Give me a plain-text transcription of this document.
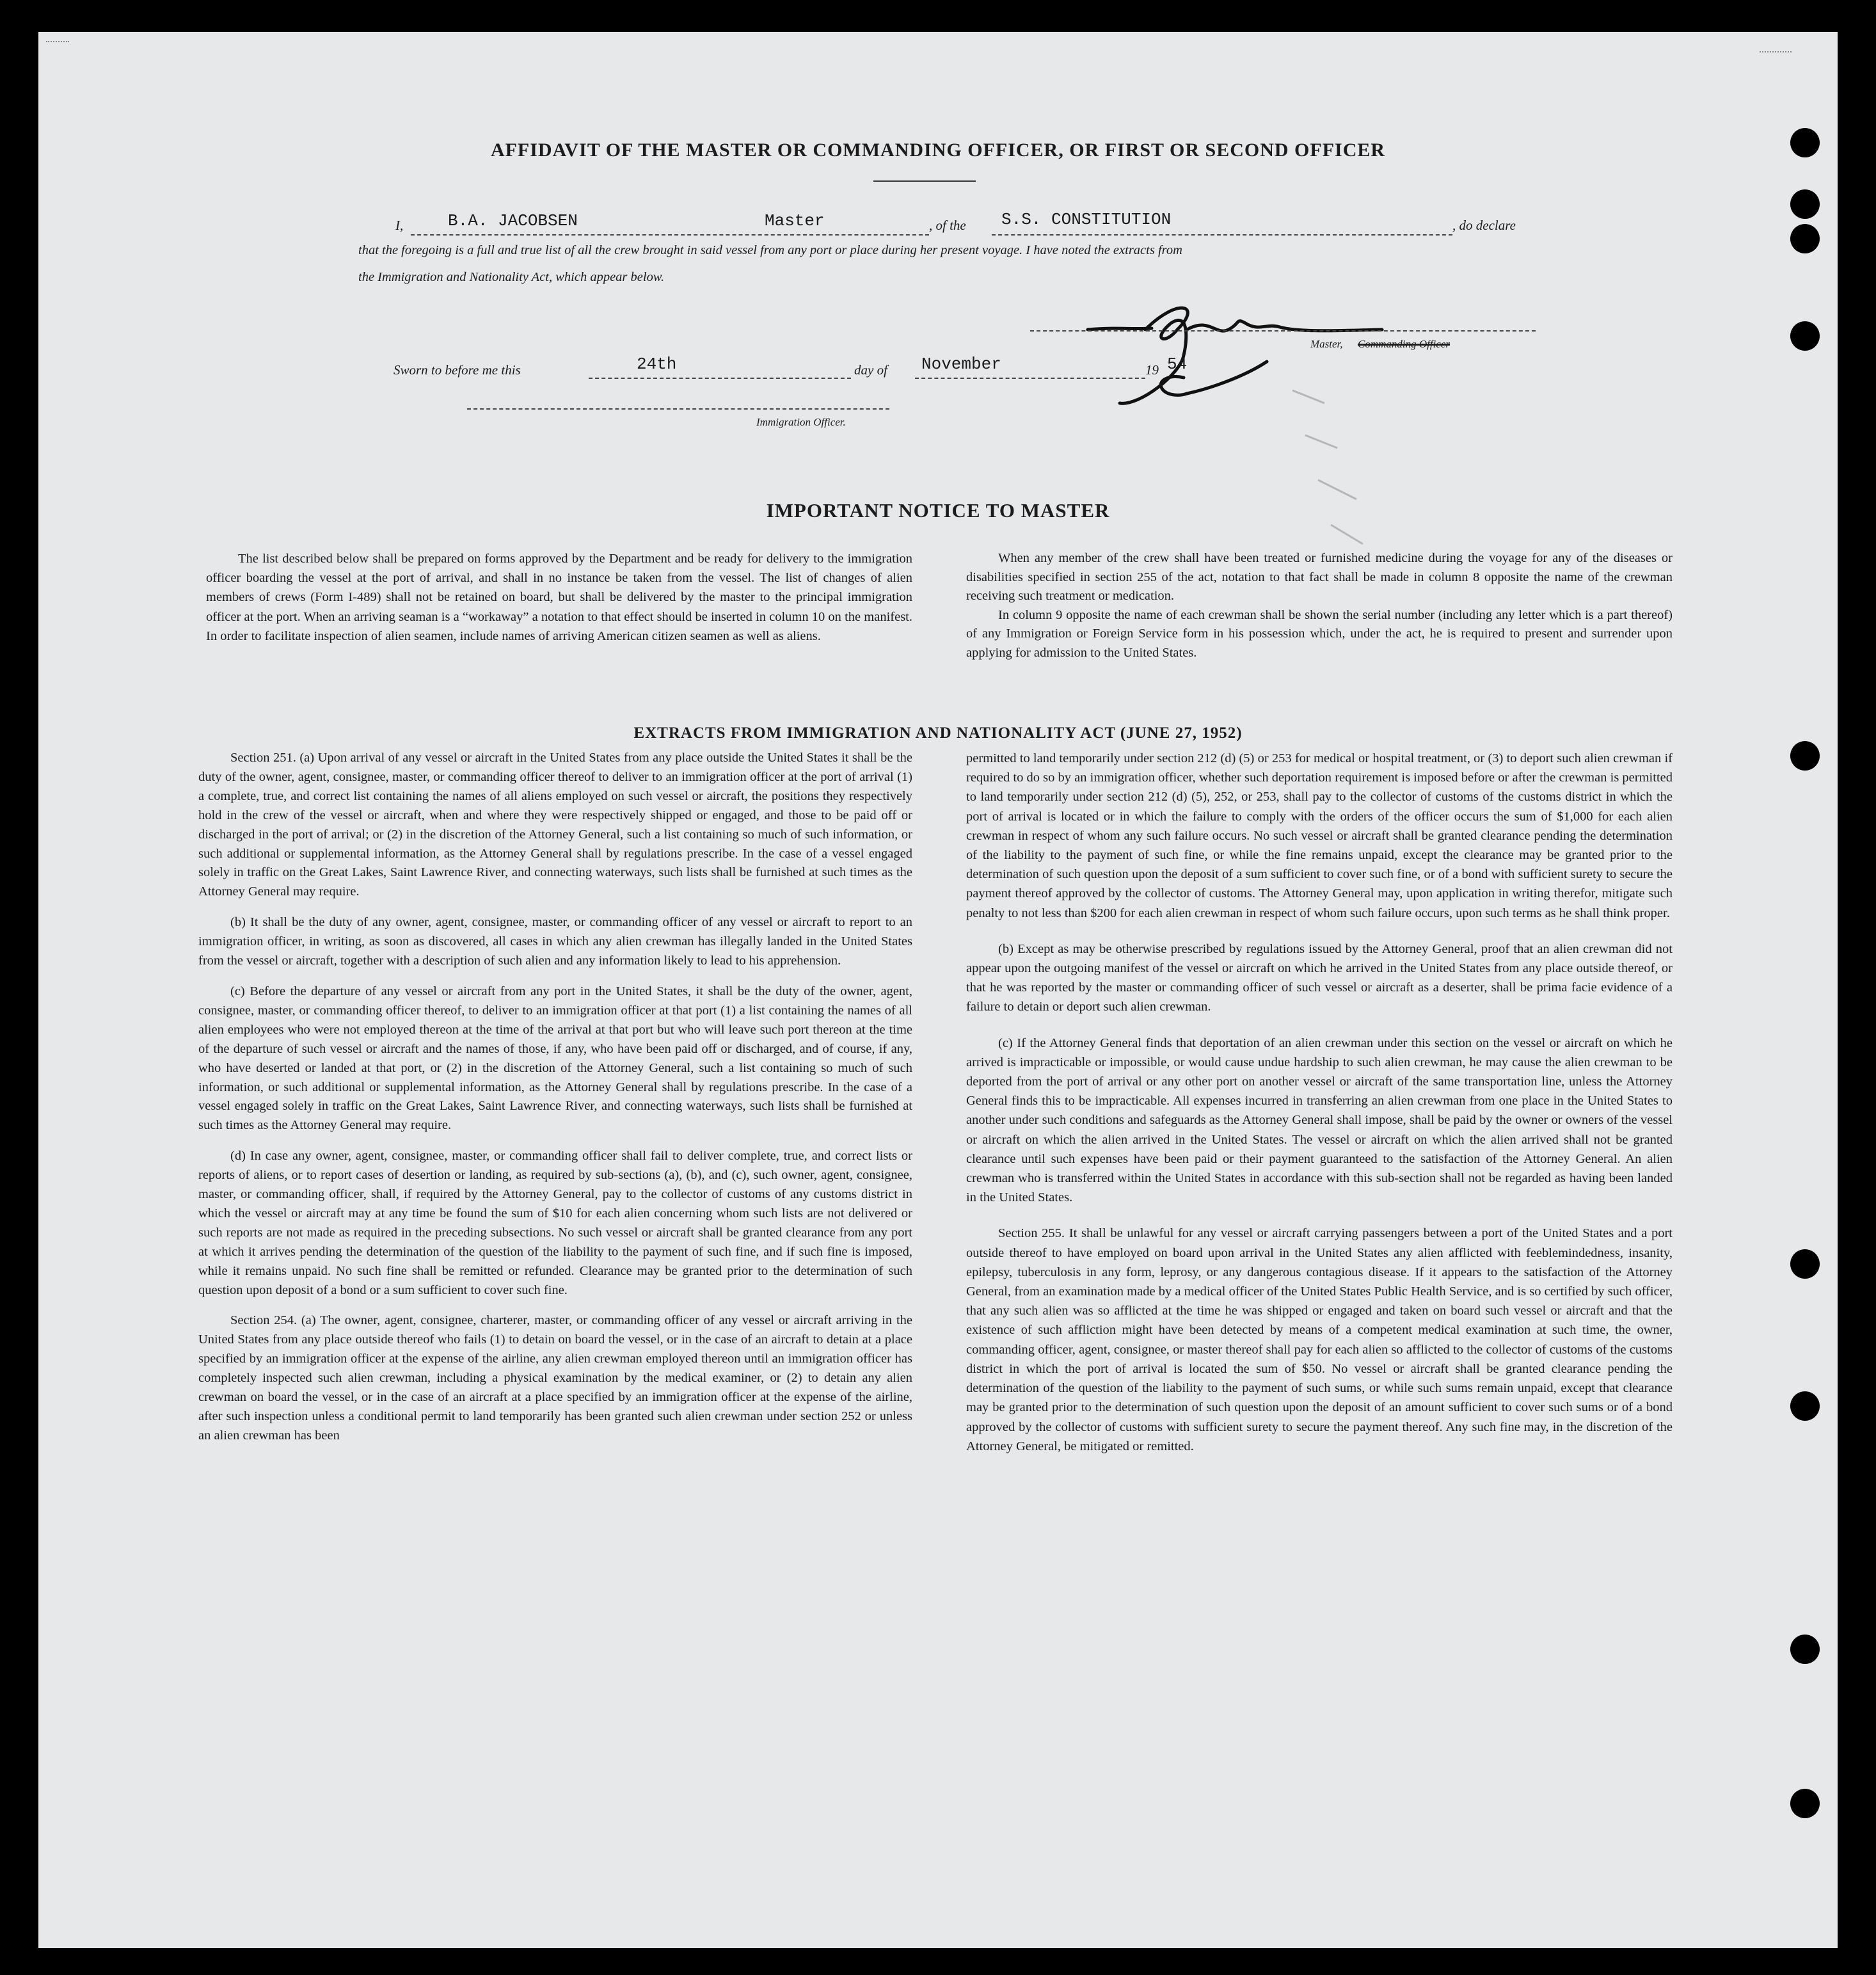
AFFIDAVIT OF THE MASTER OR COMMANDING OFFICER, OR FIRST OR SECOND OFFICER
I,	B.A. JACOBSEN	Master	, of the S.S. CONSTITUTION	, do declare
that the foregoing is a full and true list of all the crew brought in said vessel from any port or place during her present voyage. I have noted the extracts from
the Immigration and Nationality Act, which appear below.
Master, Commanding Officer
Sworn to before me this	24th	day of November	19 54
Immigration Officer.
IMPORTANT NOTICE TO MASTER

The list described below shall be prepared on forms approved by the Department and be ready for delivery to the immigration officer boarding the vessel at the port of arrival, and shall in no instance be taken from the vessel. The list of changes of alien members of crews (Form I-489) shall not be retained on board, but shall be delivered by the master to the principal immigration officer at the port. When an arriving seaman is a “workaway” a notation to that effect should be inserted in column 10 on the manifest. In order to facilitate inspection of alien seamen, include names of arriving American citizen seamen as well as aliens.

When any member of the crew shall have been treated or furnished medicine during the voyage for any of the diseases or disabilities specified in section 255 of the act, notation to that fact shall be made in column 8 opposite the name of the crewman receiving such treatment or medication.

In column 9 opposite the name of each crewman shall be shown the serial number (including any letter which is a part thereof) of any Immigration or Foreign Service form in his possession which, under the act, he is required to present and surrender upon applying for admission to the United States.

EXTRACTS FROM IMMIGRATION AND NATIONALITY ACT (JUNE 27, 1952)

Section 251. (a) Upon arrival of any vessel or aircraft in the United States from any place outside the United States it shall be the duty of the owner, agent, consignee, master, or commanding officer thereof to deliver to an immigration officer at the port of arrival (1) a complete, true, and correct list containing the names of all aliens employed on such vessel or aircraft, the positions they respectively hold in the crew of the vessel or aircraft, when and where they were respectively shipped or engaged, and those to be paid off or discharged in the port of arrival; or (2) in the discretion of the Attorney General, such a list containing so much of such information, or such additional or supplemental information, as the Attorney General shall by regulations prescribe. In the case of a vessel engaged solely in traffic on the Great Lakes, Saint Lawrence River, and connecting waterways, such lists shall be furnished at such times as the Attorney General may require.

(b) It shall be the duty of any owner, agent, consignee, master, or commanding officer of any vessel or aircraft to report to an immigration officer, in writing, as soon as discovered, all cases in which any alien crewman has illegally landed in the United States from the vessel or aircraft, together with a description of such alien and any information likely to lead to his apprehension.

(c) Before the departure of any vessel or aircraft from any port in the United States, it shall be the duty of the owner, agent, consignee, master, or commanding officer thereof, to deliver to an immigration officer at that port (1) a list containing the names of all alien employees who were not employed thereon at the time of the arrival at that port but who will leave such port thereon at the time of the departure of such vessel or aircraft and the names of those, if any, who have been paid off or discharged, and of course, if any, who have deserted or landed at that port, or (2) in the discretion of the Attorney General, such a list containing so much of such information, or such additional or supplemental information, as the Attorney General shall by regulations prescribe. In the case of a vessel engaged solely in traffic on the Great Lakes, Saint Lawrence River, and connecting waterways, such lists shall be furnished at such times as the Attorney General may require.

(d) In case any owner, agent, consignee, master, or commanding officer shall fail to deliver complete, true, and correct lists or reports of aliens, or to report cases of desertion or landing, as required by sub-sections (a), (b), and (c), such owner, agent, consignee, master, or commanding officer, shall, if required by the Attorney General, pay to the collector of customs of any customs district in which the vessel or aircraft may at any time be found the sum of $10 for each alien concerning whom such lists are not delivered or such reports are not made as required in the preceding subsections. No such vessel or aircraft shall be granted clearance from any port at which it arrives pending the determination of the question of the liability to the payment of such fine, and if such fine is imposed, while it remains unpaid. No such fine shall be remitted or refunded. Clearance may be granted prior to the determination of such question upon deposit of a bond or a sum sufficient to cover such fine.

Section 254. (a) The owner, agent, consignee, charterer, master, or commanding officer of any vessel or aircraft arriving in the United States from any place outside thereof who fails (1) to detain on board the vessel, or in the case of an aircraft to detain at a place specified by an immigration officer at the expense of the airline, any alien crewman employed thereon until an immigration officer has completely inspected such alien crewman, including a physical examination by the medical examiner, or (2) to detain any alien crewman on board the vessel, or in the case of an aircraft at a place specified by an immigration officer at the expense of the airline, after such inspection unless a conditional permit to land temporarily has been granted such alien crewman under section 252 or unless an alien crewman has been

permitted to land temporarily under section 212 (d) (5) or 253 for medical or hospital treatment, or (3) to deport such alien crewman if required to do so by an immigration officer, whether such deportation requirement is imposed before or after the crewman is permitted to land temporarily under section 212 (d) (5), 252, or 253, shall pay to the collector of customs of the customs district in which the port of arrival is located or in which the failure to comply with the orders of the officer occurs the sum of $1,000 for each alien crewman in respect of whom any such failure occurs. No such vessel or aircraft shall be granted clearance pending the determination of the liability to the payment of such fine, or while the fine remains unpaid, except the clearance may be granted prior to the determination of such question upon the deposit of a sum sufficient to cover such fine, or of a bond with sufficient surety to secure the payment thereof approved by the collector of customs. The Attorney General may, upon application in writing therefor, mitigate such penalty to not less than $200 for each alien crewman in respect of whom such failure occurs, upon such terms as he shall think proper.

(b) Except as may be otherwise prescribed by regulations issued by the Attorney General, proof that an alien crewman did not appear upon the outgoing manifest of the vessel or aircraft on which he arrived in the United States from any place outside thereof, or that he was reported by the master or commanding officer of such vessel or aircraft as a deserter, shall be prima facie evidence of a failure to detain or deport such alien crewman.

(c) If the Attorney General finds that deportation of an alien crewman under this section on the vessel or aircraft on which he arrived is impracticable or impossible, or would cause undue hardship to such alien crewman, he may cause the alien crewman to be deported from the port of arrival or any other port on another vessel or aircraft of the same transportation line, unless the Attorney General finds this to be impracticable. All expenses incurred in transferring an alien crewman from one place in the United States to another under such conditions and safeguards as the Attorney General shall impose, shall be paid by the owner or owners of the vessel or aircraft on which the alien arrived in the United States. The vessel or aircraft on which the alien arrived shall not be granted clearance until such expenses have been paid or their payment guaranteed to the satisfaction of the Attorney General. An alien crewman who is transferred within the United States in accordance with this sub-section shall not be regarded as having been landed in the United States.

Section 255. It shall be unlawful for any vessel or aircraft carrying passengers between a port of the United States and a port outside thereof to have employed on board upon arrival in the United States any alien afflicted with feeblemindedness, insanity, epilepsy, tuberculosis in any form, leprosy, or any dangerous contagious disease. If it appears to the satisfaction of the Attorney General, from an examination made by a medical officer of the United States Public Health Service, and is so certified by such officer, that any such alien was so afflicted at the time he was shipped or engaged and taken on board such vessel or aircraft and that the existence of such affliction might have been detected by means of a competent medical examination at such time, the owner, commanding officer, agent, consignee, or master thereof shall pay for each alien so afflicted to the collector of customs of the customs district in which the port of arrival is located the sum of $50. No vessel or aircraft shall be granted clearance pending the determination of the question of the liability to the payment of such sums, or while such sums remain unpaid, except that clearance may be granted prior to the determination of such question upon the deposit of an amount sufficient to cover such sums or of a bond approved by the collector of customs with sufficient surety to secure the payment thereof. Any such fine may, in the discretion of the Attorney General, be mitigated or remitted.
